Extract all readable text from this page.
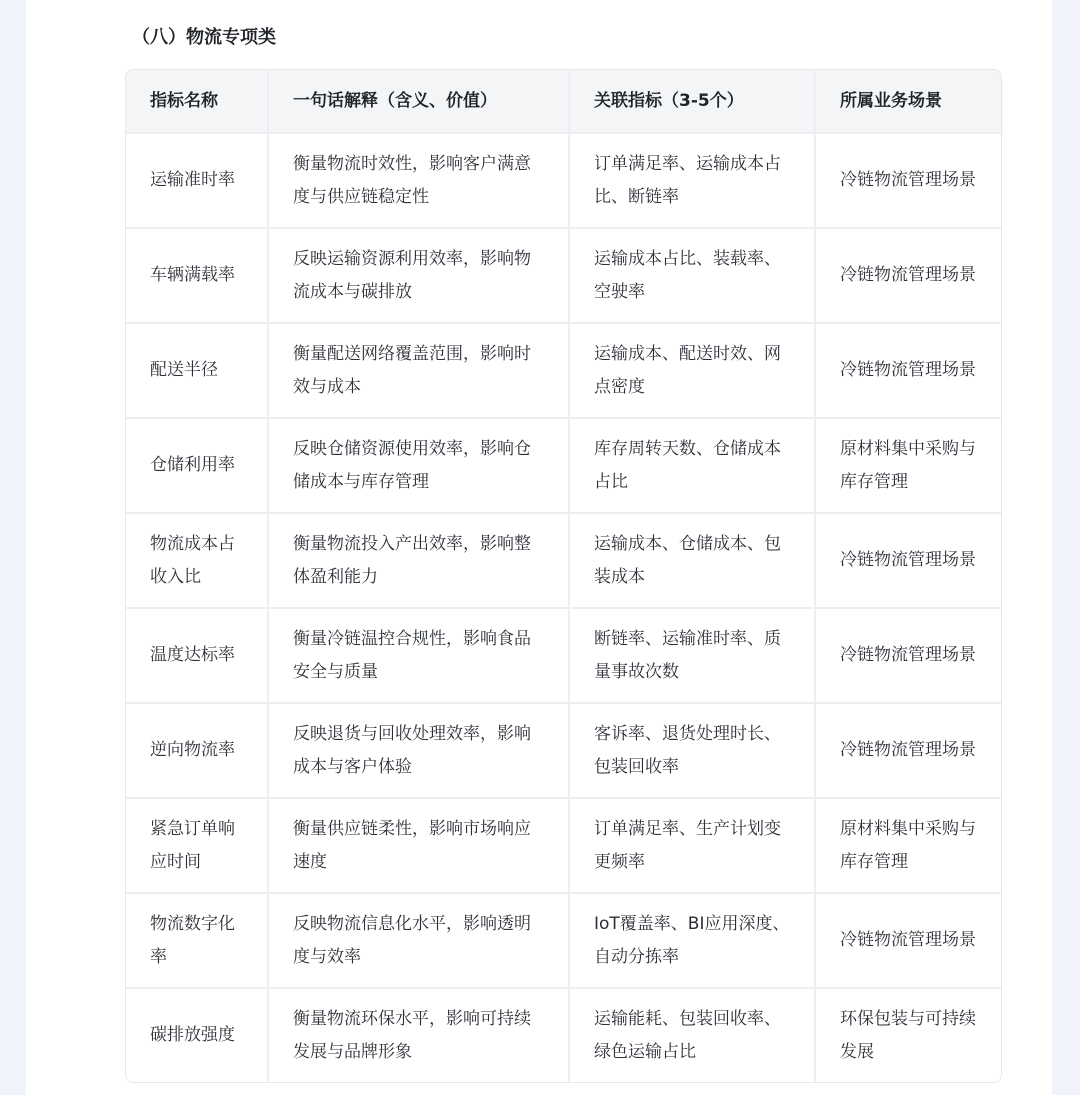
（八）物流专项类
指标名称	一句话解释（含义、价值）	关联指标（3-5个）	所属业务场景
运输准时率	衡量物流时效性，影响客户满意度与供应链稳定性	订单满足率、运输成本占比、断链率	冷链物流管理场景
车辆满载率	反映运输资源利用效率，影响物流成本与碳排放	运输成本占比、装载率、空驶率	冷链物流管理场景
配送半径	衡量配送网络覆盖范围，影响时效与成本	运输成本、配送时效、网点密度	冷链物流管理场景
仓储利用率	反映仓储资源使用效率，影响仓储成本与库存管理	库存周转天数、仓储成本占比	原材料集中采购与库存管理
物流成本占收入比	衡量物流投入产出效率，影响整体盈利能力	运输成本、仓储成本、包装成本	冷链物流管理场景
温度达标率	衡量冷链温控合规性，影响食品安全与质量	断链率、运输准时率、质量事故次数	冷链物流管理场景
逆向物流率	反映退货与回收处理效率，影响成本与客户体验	客诉率、退货处理时长、包装回收率	冷链物流管理场景
紧急订单响应时间	衡量供应链柔性，影响市场响应速度	订单满足率、生产计划变更频率	原材料集中采购与库存管理
物流数字化率	反映物流信息化水平，影响透明度与效率	IoT覆盖率、BI应用深度、自动分拣率	冷链物流管理场景
碳排放强度	衡量物流环保水平，影响可持续发展与品牌形象	运输能耗、包装回收率、绿色运输占比	环保包装与可持续发展
